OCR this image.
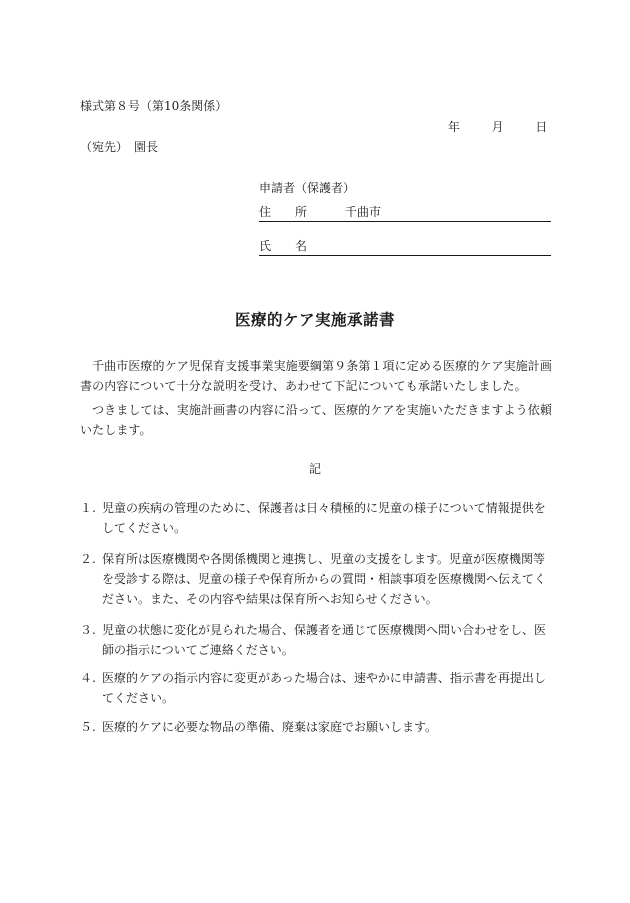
様式第８号（第10条関係）
年	月	日
（宛先）　園長
申請者（保護者）
住　　所	千曲市
氏　　名
医療的ケア実施承諾書
千曲市医療的ケア児保育支援事業実施要綱第９条第１項に定める医療的ケア実施計画書の内容について十分な説明を受け、あわせて下記についても承諾いたしました。
つきましては、実施計画書の内容に沿って、医療的ケアを実施いただきますよう依頼いたします。
記
１. 児童の疾病の管理のために、保護者は日々積極的に児童の様子について情報提供をしてください。
２. 保育所は医療機関や各関係機関と連携し、児童の支援をします。児童が医療機関等を受診する際は、児童の様子や保育所からの質問・相談事項を医療機関へ伝えてください。また、その内容や結果は保育所へお知らせください。
３. 児童の状態に変化が見られた場合、保護者を通じて医療機関へ問い合わせをし、医師の指示についてご連絡ください。
４. 医療的ケアの指示内容に変更があった場合は、速やかに申請書、指示書を再提出してください。
５. 医療的ケアに必要な物品の準備、廃棄は家庭でお願いします。
